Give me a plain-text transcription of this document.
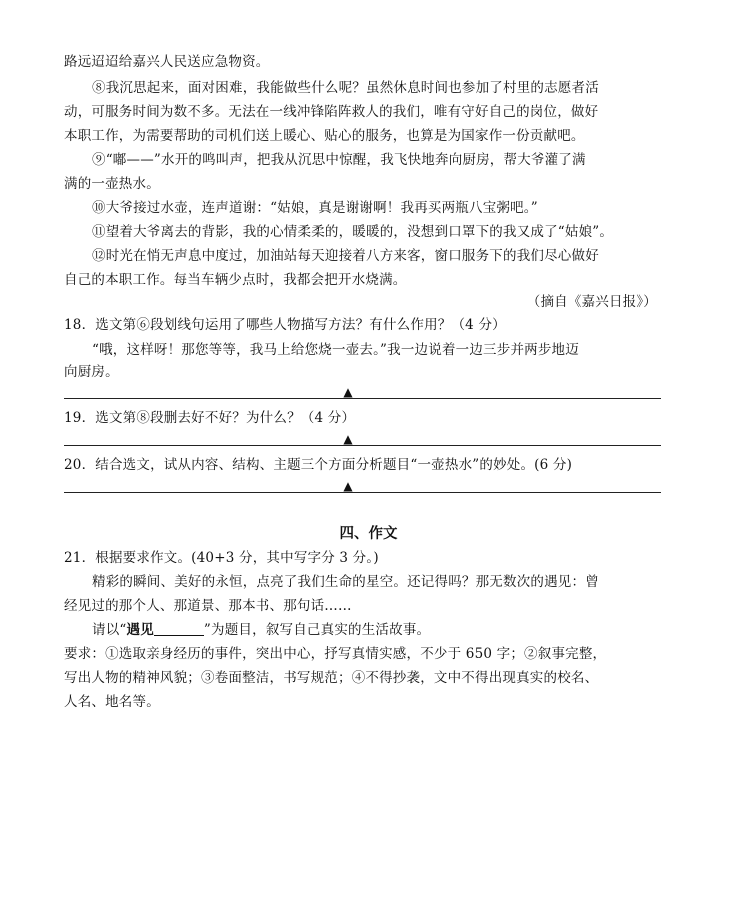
路远迢迢给嘉兴人民送应急物资。
⑧我沉思起来，面对困难，我能做些什么呢？虽然休息时间也参加了村里的志愿者活
动，可服务时间为数不多。无法在一线冲锋陷阵救人的我们，唯有守好自己的岗位，做好
本职工作，为需要帮助的司机们送上暖心、贴心的服务，也算是为国家作一份贡献吧。
⑨“嘟——”水开的鸣叫声，把我从沉思中惊醒，我飞快地奔向厨房，帮大爷灌了满
满的一壶热水。
⑩大爷接过水壶，连声道谢：“姑娘，真是谢谢啊！我再买两瓶八宝粥吧。”
⑪望着大爷离去的背影，我的心情柔柔的，暖暖的，没想到口罩下的我又成了“姑娘”。
⑫时光在悄无声息中度过，加油站每天迎接着八方来客，窗口服务下的我们尽心做好
自己的本职工作。每当车辆少点时，我都会把开水烧满。
（摘自《嘉兴日报》）
18．选文第⑥段划线句运用了哪些人物描写方法？有什么作用？（4 分）
“哦，这样呀！那您等等，我马上给您烧一壶去。”我一边说着一边三步并两步地迈
向厨房。
▲
19．选文第⑧段删去好不好？为什么？（4 分）
▲
20．结合选文，试从内容、结构、主题三个方面分析题目“一壶热水”的妙处。(6 分)
▲
四、作文
21．根据要求作文。(40+3 分，其中写字分 3 分。)
精彩的瞬间、美好的永恒，点亮了我们生命的星空。还记得吗？那无数次的遇见：曾
经见过的那个人、那道景、那本书、那句话……
请以“遇见	”为题目，叙写自己真实的生活故事。
要求：①选取亲身经历的事件，突出中心，抒写真情实感，不少于 650 字；②叙事完整，
写出人物的精神风貌；③卷面整洁，书写规范；④不得抄袭，文中不得出现真实的校名、
人名、地名等。
